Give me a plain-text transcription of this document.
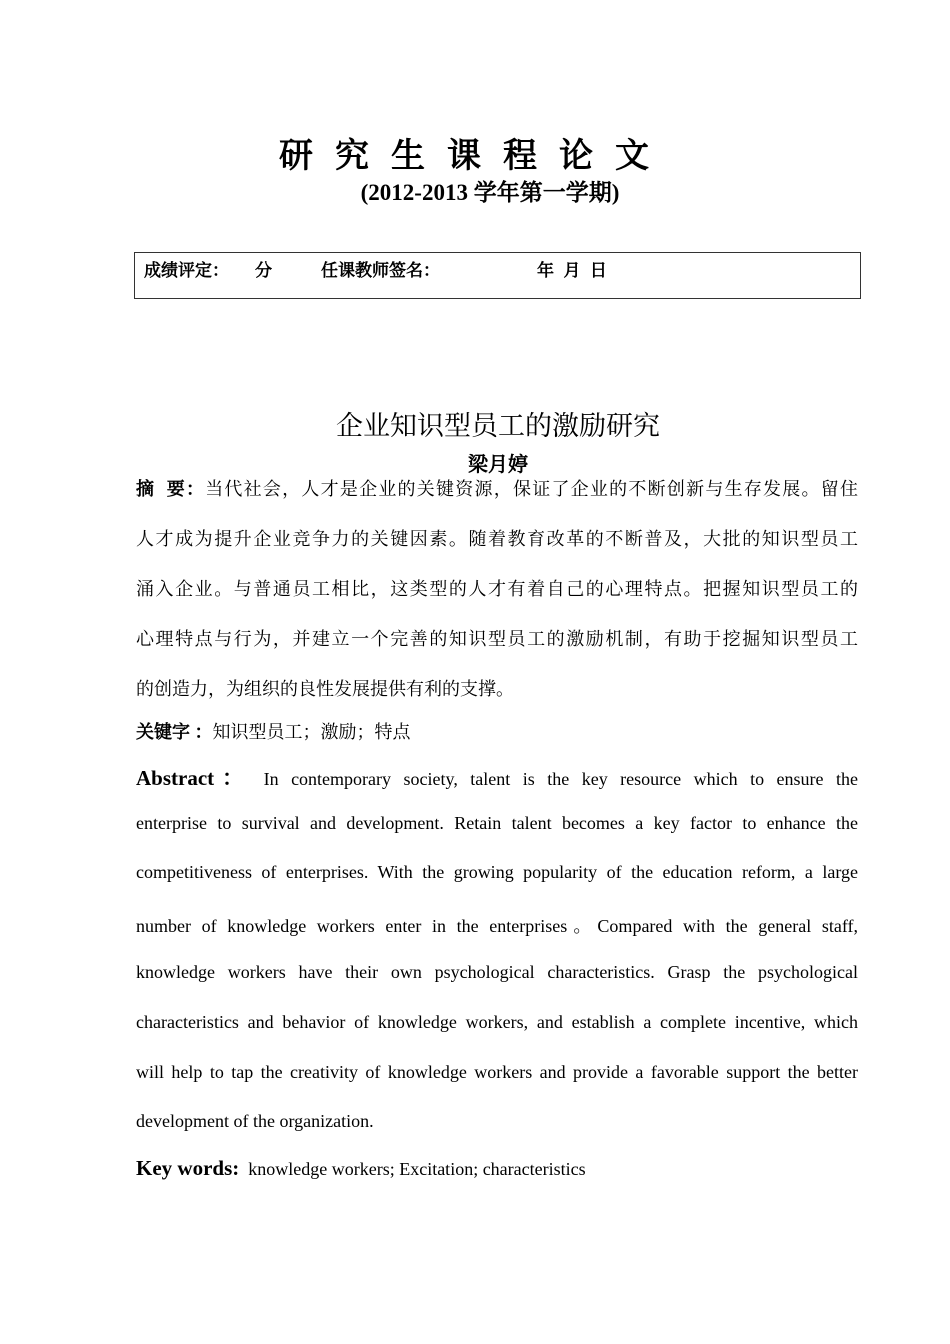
研究生课程论文
(2012-2013 学年第一学期)
成绩评定： 分	任课教师签名：	年  月  日
企业知识型员工的激励研究
梁月婷
摘  要：当代社会，人才是企业的关键资源，保证了企业的不断创新与生存发展。留住
人才成为提升企业竞争力的关键因素。随着教育改革的不断普及，大批的知识型员工
涌入企业。与普通员工相比，这类型的人才有着自己的心理特点。把握知识型员工的
心理特点与行为，并建立一个完善的知识型员工的激励机制，有助于挖掘知识型员工
的创造力，为组织的良性发展提供有利的支撑。
关键字 ：知识型员工；激励；特点
Abstract： In contemporary society, talent is the key resource which to ensure the
enterprise to survival and development. Retain talent becomes a key factor to enhance the
competitiveness of enterprises. With the growing popularity of the education reform, a large
number of knowledge workers enter in the enterprises。Compared with the general staff,
knowledge workers have their own psychological characteristics. Grasp the psychological
characteristics and behavior of knowledge workers, and establish a complete incentive, which
will help to tap the creativity of knowledge workers and provide a favorable support the better
development of the organization.
Key words: knowledge workers; Excitation; characteristics
